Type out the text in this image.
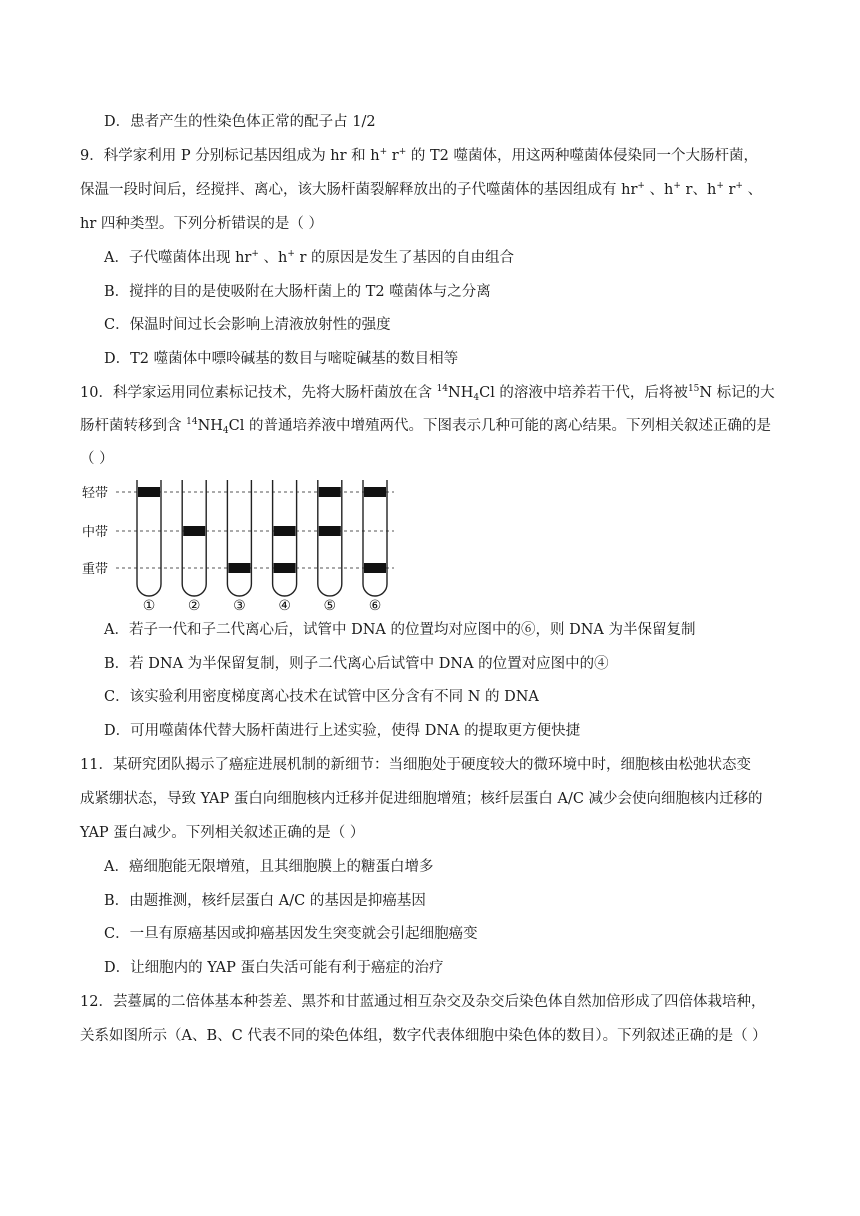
D．患者产生的性染色体正常的配子占 1/2
9．科学家利用 P 分别标记基因组成为 hr 和 h+ r+ 的 T2 噬菌体，用这两种噬菌体侵染同一个大肠杆菌，
保温一段时间后，经搅拌、离心，该大肠杆菌裂解释放出的子代噬菌体的基因组成有 hr+ 、h+ r、h+ r+ 、
hr 四种类型。下列分析错误的是（ ）
A．子代噬菌体出现 hr+ 、h+ r 的原因是发生了基因的自由组合
B．搅拌的目的是使吸附在大肠杆菌上的 T2 噬菌体与之分离
C．保温时间过长会影响上清液放射性的强度
D．T2 噬菌体中嘌呤碱基的数目与嘧啶碱基的数目相等
10．科学家运用同位素标记技术，先将大肠杆菌放在含 $^{14}NH_4Cl$ 的溶液中培养若干代，后将被$^{15}$N 标记的大
肠杆菌转移到含 $^{14}NH_4Cl$ 的普通培养液中增殖两代。下图表示几种可能的离心结果。下列相关叙述正确的是
（ ）
轻带
中带
重带
① ② ③ ④ ⑤ ⑥
A．若子一代和子二代离心后，试管中 DNA 的位置均对应图中的⑥，则 DNA 为半保留复制
B．若 DNA 为半保留复制，则子二代离心后试管中 DNA 的位置对应图中的④
C．该实验利用密度梯度离心技术在试管中区分含有不同 N 的 DNA
D．可用噬菌体代替大肠杆菌进行上述实验，使得 DNA 的提取更方便快捷
11．某研究团队揭示了癌症进展机制的新细节：当细胞处于硬度较大的微环境中时，细胞核由松弛状态变
成紧绷状态，导致 YAP 蛋白向细胞核内迁移并促进细胞增殖；核纤层蛋白 A/C 减少会使向细胞核内迁移的
YAP 蛋白减少。下列相关叙述正确的是（ ）
A．癌细胞能无限增殖，且其细胞膜上的糖蛋白增多
B．由题推测，核纤层蛋白 A/C 的基因是抑癌基因
C．一旦有原癌基因或抑癌基因发生突变就会引起细胞癌变
D．让细胞内的 YAP 蛋白失活可能有利于癌症的治疗
12．芸薹属的二倍体基本种荟差、黑芥和甘蓝通过相互杂交及杂交后染色体自然加倍形成了四倍体栽培种，
关系如图所示（A、B、C 代表不同的染色体组，数字代表体细胞中染色体的数目）。下列叙述正确的是（ ）
